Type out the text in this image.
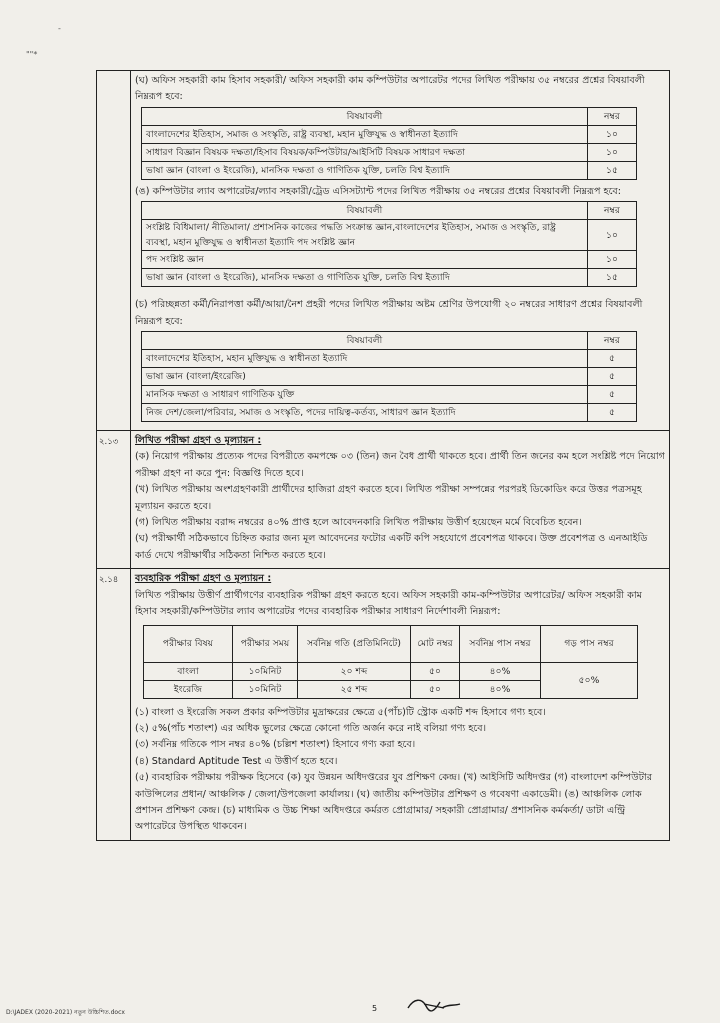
-
""*

(ঘ) অফিস সহকারী কাম হিসাব সহকারী/ অফিস সহকারী কাম কম্পিউটার অপারেটর পদের লিখিত পরীক্ষায় ৩৫ নম্বরের প্রশ্নের বিষয়াবলী নিম্নরূপ হবে:

বিষয়াবলী	নম্বর
বাংলাদেশের ইতিহাস, সমাজ ও সংস্কৃতি, রাষ্ট্র ব্যবস্থা, মহান মুক্তিযুদ্ধ ও স্বাধীনতা ইত্যাদি	১০
সাধারণ বিজ্ঞান বিষয়ক দক্ষতা/হিসাব বিষয়ক/কম্পিউটার/আইসিটি বিষয়ক সাধারণ দক্ষতা	১০
ভাষা জ্ঞান (বাংলা ও ইংরেজি), মানসিক দক্ষতা ও গাণিতিক যুক্তি, চলতি বিশ্ব ইত্যাদি	১৫

(ঙ) কম্পিউটার ল্যাব অপারেটর/ল্যাব সহকারী/ট্রেড এসিসট্যান্ট পদের লিখিত পরীক্ষায় ৩৫ নম্বরের প্রশ্নের বিষয়াবলী নিম্নরূপ হবে:

বিষয়াবলী	নম্বর
সংশ্লিষ্ট বিধিমালা/ নীতিমালা/ প্রশাসনিক কাজের পদ্ধতি সংক্রান্ত জ্ঞান,বাংলাদেশের ইতিহাস, সমাজ ও সংস্কৃতি, রাষ্ট্র ব্যবস্থা, মহান মুক্তিযুদ্ধ ও স্বাধীনতা ইত্যাদি পদ সংশ্লিষ্ট জ্ঞান	১০
পদ সংশ্লিষ্ট জ্ঞান	১০
ভাষা জ্ঞান (বাংলা ও ইংরেজি), মানসিক দক্ষতা ও গাণিতিক যুক্তি, চলতি বিশ্ব ইত্যাদি	১৫

(চ) পরিচ্ছন্নতা কর্মী/নিরাপত্তা কর্মী/আয়া/নৈশ প্রহরী পদের লিখিত পরীক্ষায় অষ্টম শ্রেণির উপযোগী ২০ নম্বরের সাধারণ প্রশ্নের বিষয়াবলী নিম্নরূপ হবে:

বিষয়াবলী	নম্বর
বাংলাদেশের ইতিহাস, মহান মুক্তিযুদ্ধ ও স্বাধীনতা ইত্যাদি	৫
ভাষা জ্ঞান (বাংলা/ইংরেজি)	৫
মানসিক দক্ষতা ও সাধারণ গাণিতিক যুক্তি	৫
নিজ দেশ/জেলা/পরিবার, সমাজ ও সংস্কৃতি, পদের দায়িত্ব-কর্তব্য, সাধারণ জ্ঞান ইত্যাদি	৫
২.১৩	লিখিত পরীক্ষা গ্রহণ ও মূল্যায়ন :

(ক) নিয়োগ পরীক্ষায় প্রত্যেক পদের বিপরীতে কমপক্ষে ০৩ (তিন) জন বৈধ প্রার্থী থাকতে হবে। প্রার্থী তিন জনের কম হলে সংশ্লিষ্ট পদে নিয়োগ পরীক্ষা গ্রহণ না করে পুন: বিজ্ঞপ্তি দিতে হবে।

(খ) লিখিত পরীক্ষায় অংশগ্রহণকারী প্রার্থীদের হাজিরা গ্রহণ করতে হবে। লিখিত পরীক্ষা সম্পন্নের পরপরই ডিকোডিং করে উত্তর পত্রসমূহ মূল্যায়ন করতে হবে।

(গ) লিখিত পরীক্ষায় বরাদ্দ নম্বরের ৪০% প্রাপ্ত হলে আবেদনকারি লিখিত পরীক্ষায় উত্তীর্ণ হয়েছেন মর্মে বিবেচিত হবেন।

(ঘ) পরীক্ষার্থী সঠিকভাবে চিহ্নিত করার জন্য মূল আবেদনের ফটোর একটি কপি সহযোগে প্রবেশপত্র থাকবে। উক্ত প্রবেশপত্র ও এনআইডি কার্ড দেখে পরীক্ষার্থীর সঠিকতা নিশ্চিত করতে হবে।

২.১৪	ব্যবহারিক পরীক্ষা গ্রহণ ও মূল্যায়ন :

লিখিত পরীক্ষায় উত্তীর্ণ প্রার্থীগণের ব্যবহারিক পরীক্ষা গ্রহণ করতে হবে। অফিস সহকারী কাম-কম্পিউটার অপারেটর/ অফিস সহকারী কাম হিসাব সহকারী/কম্পিউটার ল্যাব অপারেটর পদের ব্যবহারিক পরীক্ষার সাধারণ নির্দেশাবলী নিম্নরূপ:

পরীক্ষার বিষয়	পরীক্ষার সময়	সর্বনিম্ন গতি (প্রতিমিনিটে)	মোট নম্বর	সর্বনিম্ন পাস নম্বর	গড় পাস নম্বর
বাংলা	১০মিনিট	২০ শব্দ	৫০	৪০%	৫০%
ইংরেজি	১০মিনিট	২৫ শব্দ	৫০	৪০%	

(১) বাংলা ও ইংরেজি সকল প্রকার কম্পিউটার মুদ্রাক্ষরের ক্ষেত্রে ৫(পাঁচ)টি স্ট্রোক একটি শব্দ হিসাবে গণ্য হবে।

(২) ৫%(পাঁচ শতাংশ) এর অধিক ভুলের ক্ষেত্রে কোনো গতি অর্জন করে নাই বলিয়া গণ্য হবে।

(৩) সর্বনিম্ন গতিকে পাস নম্বর ৪০% (চল্লিশ শতাংশ) হিসাবে গণ্য করা হবে।

(৪) Standard Aptitude Test এ উত্তীর্ণ হতে হবে।

(৫) ব্যবহারিক পরীক্ষায় পরীক্ষক হিসেবে (ক) যুব উন্নয়ন অধিদপ্তরের যুব প্রশিক্ষণ কেন্দ্র। (খ) আইসিটি অধিদপ্তর (গ) বাংলাদেশ কম্পিউটার কাউন্সিলের প্রধান/ আঞ্চলিক / জেলা/উপজেলা কার্যালয়। (ঘ) জাতীয় কম্পিউটার প্রশিক্ষণ ও গবেষণা একাডেমী। (ঙ) আঞ্চলিক লোক প্রশাসন প্রশিক্ষণ কেন্দ্র। (চ) মাধ্যমিক ও উচ্চ শিক্ষা অধিদপ্তরে কর্মরত প্রোগ্রামার/ সহকারী প্রোগ্রামার/ প্রশাসনিক কর্মকর্তা/ ডাটা এন্ট্রি অপারেটরে উপস্থিত থাকবেন।

D:\JADEX (2020-2021) নতুন উচ্চিশিত.docx	5
